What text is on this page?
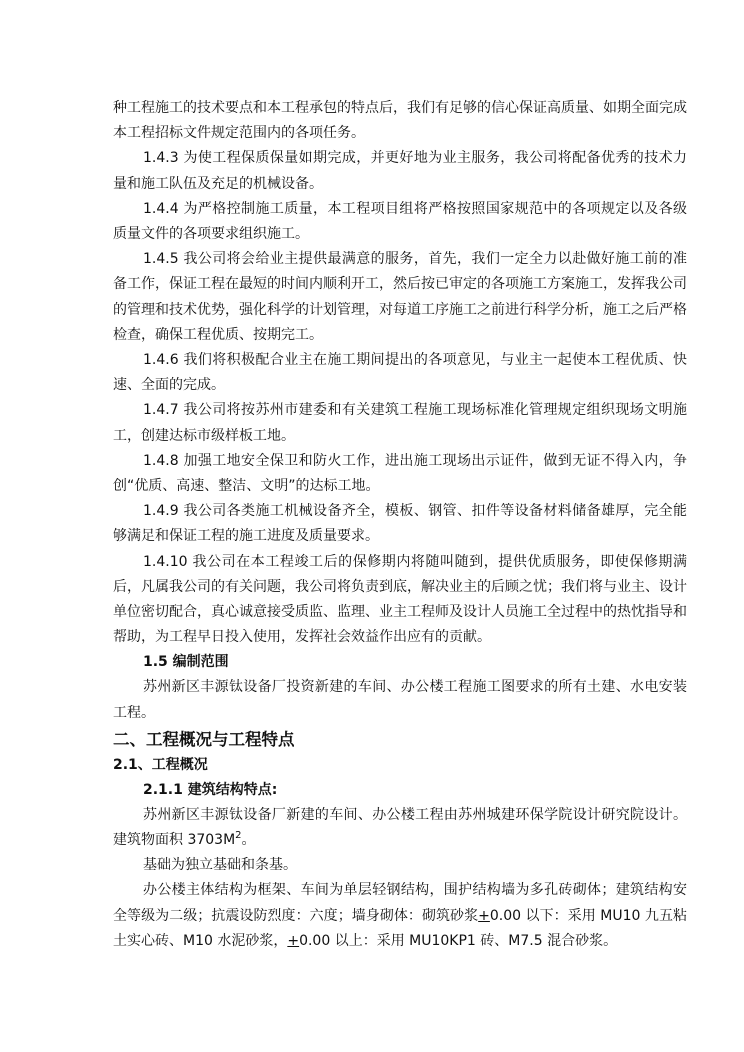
种工程施工的技术要点和本工程承包的特点后，我们有足够的信心保证高质量、如期全面完成本工程招标文件规定范围内的各项任务。

1.4.3 为使工程保质保量如期完成，并更好地为业主服务，我公司将配备优秀的技术力量和施工队伍及充足的机械设备。

1.4.4 为严格控制施工质量，本工程项目组将严格按照国家规范中的各项规定以及各级质量文件的各项要求组织施工。

1.4.5 我公司将会给业主提供最满意的服务，首先，我们一定全力以赴做好施工前的准备工作，保证工程在最短的时间内顺利开工，然后按已审定的各项施工方案施工，发挥我公司的管理和技术优势，强化科学的计划管理，对每道工序施工之前进行科学分析，施工之后严格检查，确保工程优质、按期完工。

1.4.6 我们将积极配合业主在施工期间提出的各项意见，与业主一起使本工程优质、快速、全面的完成。

1.4.7 我公司将按苏州市建委和有关建筑工程施工现场标准化管理规定组织现场文明施工，创建达标市级样板工地。

1.4.8 加强工地安全保卫和防火工作，进出施工现场出示证件，做到无证不得入内，争创“优质、高速、整洁、文明”的达标工地。

1.4.9 我公司各类施工机械设备齐全，模板、钢管、扣件等设备材料储备雄厚，完全能够满足和保证工程的施工进度及质量要求。

1.4.10 我公司在本工程竣工后的保修期内将随叫随到，提供优质服务，即使保修期满后，凡属我公司的有关问题，我公司将负责到底，解决业主的后顾之忧；我们将与业主、设计单位密切配合，真心诚意接受质监、监理、业主工程师及设计人员施工全过程中的热忱指导和帮助，为工程早日投入使用，发挥社会效益作出应有的贡献。

1.5 编制范围

苏州新区丰源钛设备厂投资新建的车间、办公楼工程施工图要求的所有土建、水电安装工程。

二、工程概况与工程特点

2.1、工程概况

2.1.1 建筑结构特点:

苏州新区丰源钛设备厂新建的车间、办公楼工程由苏州城建环保学院设计研究院设计。建筑物面积 $3703M^2$。

基础为独立基础和条基。

办公楼主体结构为框架、车间为单层轻钢结构，围护结构墙为多孔砖砌体；建筑结构安全等级为二级；抗震设防烈度：六度；墙身砌体：砌筑砂浆+0.00 以下：采用 MU10 九五粘土实心砖、M10 水泥砂浆，+0.00 以上：采用 MU10KP1 砖、M7.5 混合砂浆。
